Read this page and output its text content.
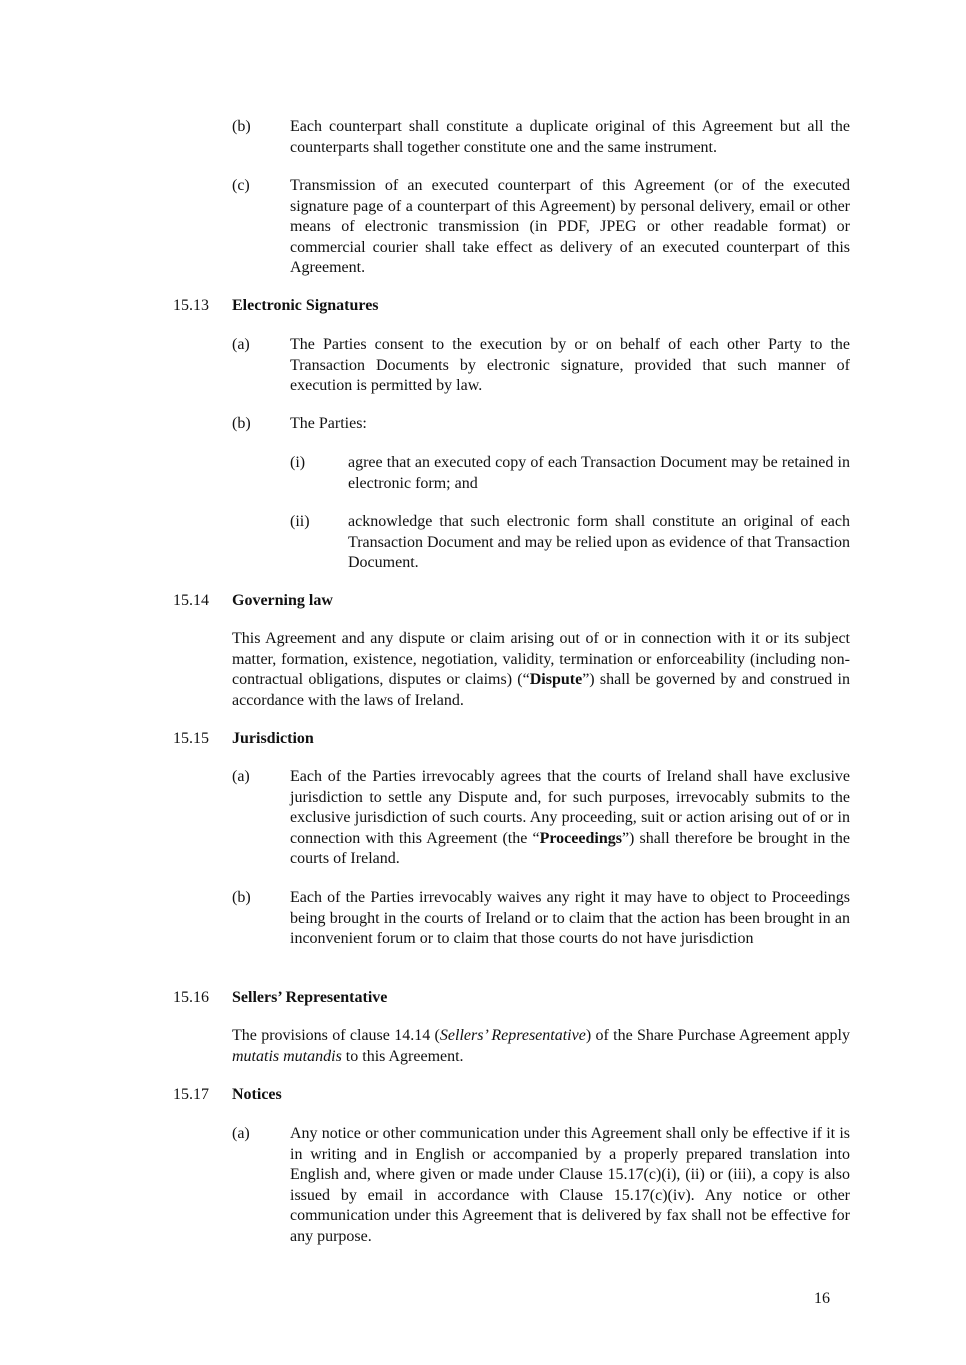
(b) Each counterpart shall constitute a duplicate original of this Agreement but all the counterparts shall together constitute one and the same instrument.
(c)	Transmission of an executed counterpart of this Agreement (or of the executed signature page of a counterpart of this Agreement) by personal delivery, email or other means of electronic transmission (in PDF, JPEG or other readable format) or commercial courier shall take effect as delivery of an executed counterpart of this Agreement.
15.13 Electronic Signatures
(a)	The Parties consent to the execution by or on behalf of each other Party to the Transaction Documents by electronic signature, provided that such manner of execution is permitted by law.
(b) The Parties:
(i)	agree that an executed copy of each Transaction Document may be retained in electronic form; and
(ii) acknowledge that such electronic form shall constitute an original of each Transaction Document and may be relied upon as evidence of that Transaction Document.
15.14 Governing law
This Agreement and any dispute or claim arising out of or in connection with it or its subject matter, formation, existence, negotiation, validity, termination or enforceability (including non-contractual obligations, disputes or claims) (“Dispute”) shall be governed by and construed in accordance with the laws of Ireland.
15.15 Jurisdiction
(a)	Each of the Parties irrevocably agrees that the courts of Ireland shall have exclusive jurisdiction to settle any Dispute and, for such purposes, irrevocably submits to the exclusive jurisdiction of such courts. Any proceeding, suit or action arising out of or in connection with this Agreement (the “Proceedings”) shall therefore be brought in the courts of Ireland.
(b) Each of the Parties irrevocably waives any right it may have to object to Proceedings being brought in the courts of Ireland or to claim that the action has been brought in an inconvenient forum or to claim that those courts do not have jurisdiction
15.16 Sellers’ Representative
The provisions of clause 14.14 (Sellers’ Representative) of the Share Purchase Agreement apply mutatis mutandis to this Agreement.
15.17 Notices
(a)	Any notice or other communication under this Agreement shall only be effective if it is in writing and in English or accompanied by a properly prepared translation into English and, where given or made under Clause 15.17(c)(i), (ii) or (iii), a copy is also issued by email in accordance with Clause 15.17(c)(iv). Any notice or other communication under this Agreement that is delivered by fax shall not be effective for any purpose.
16
